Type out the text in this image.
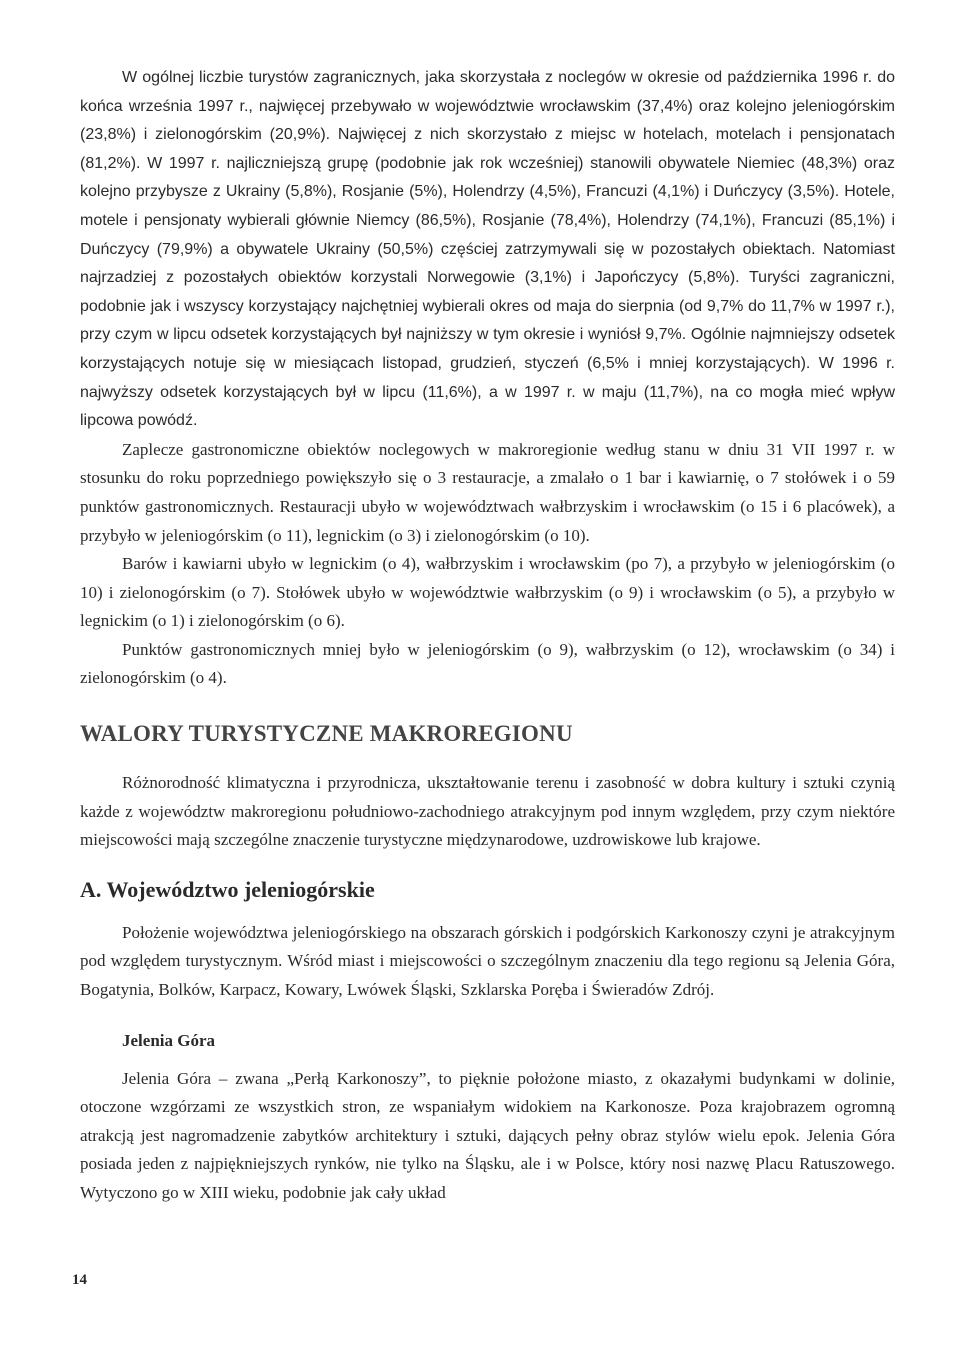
W ogólnej liczbie turystów zagranicznych, jaka skorzystała z noclegów w okresie od października 1996 r. do końca września 1997 r., najwięcej przebywało w województwie wrocławskim (37,4%) oraz kolejno jeleniogórskim (23,8%) i zielonogórskim (20,9%). Najwięcej z nich skorzystało z miejsc w hotelach, motelach i pensjonatach (81,2%). W 1997 r. najliczniejszą grupę (podobnie jak rok wcześniej) stanowili obywatele Niemiec (48,3%) oraz kolejno przybysze z Ukrainy (5,8%), Rosjanie (5%), Holendrzy (4,5%), Francuzi (4,1%) i Duńczycy (3,5%). Hotele, motele i pensjonaty wybierali głównie Niemcy (86,5%), Rosjanie (78,4%), Holendrzy (74,1%), Francuzi (85,1%) i Duńczycy (79,9%) a obywatele Ukrainy (50,5%) częściej zatrzymywali się w pozostałych obiektach. Natomiast najrzadziej z pozostałych obiektów korzystali Norwegowie (3,1%) i Japończycy (5,8%). Turyści zagraniczni, podobnie jak i wszyscy korzystający najchętniej wybierali okres od maja do sierpnia (od 9,7% do 11,7% w 1997 r.), przy czym w lipcu odsetek korzystających był najniższy w tym okresie i wyniósł 9,7%. Ogólnie najmniejszy odsetek korzystających notuje się w miesiącach listopad, grudzień, styczeń (6,5% i mniej korzystających). W 1996 r. najwyższy odsetek korzystających był w lipcu (11,6%), a w 1997 r. w maju (11,7%), na co mogła mieć wpływ lipcowa powódź.

Zaplecze gastronomiczne obiektów noclegowych w makroregionie według stanu w dniu 31 VII 1997 r. w stosunku do roku poprzedniego powiększyło się o 3 restauracje, a zmalało o 1 bar i kawiarnię, o 7 stołówek i o 59 punktów gastronomicznych. Restauracji ubyło w województwach wałbrzyskim i wrocławskim (o 15 i 6 placówek), a przybyło w jeleniogórskim (o 11), legnickim (o 3) i zielonogórskim (o 10).

Barów i kawiarni ubyło w legnickim (o 4), wałbrzyskim i wrocławskim (po 7), a przybyło w jeleniogórskim (o 10) i zielonogórskim (o 7). Stołówek ubyło w województwie wałbrzyskim (o 9) i wrocławskim (o 5), a przybyło w legnickim (o 1) i zielonogórskim (o 6).

Punktów gastronomicznych mniej było w jeleniogórskim (o 9), wałbrzyskim (o 12), wrocławskim (o 34) i zielonogórskim (o 4).

WALORY TURYSTYCZNE MAKROREGIONU

Różnorodność klimatyczna i przyrodnicza, ukształtowanie terenu i zasobność w dobra kultury i sztuki czynią każde z województw makroregionu południowo-zachodniego atrakcyjnym pod innym względem, przy czym niektóre miejscowości mają szczególne znaczenie turystyczne międzynarodowe, uzdrowiskowe lub krajowe.

A. Województwo jeleniogórskie

Położenie województwa jeleniogórskiego na obszarach górskich i podgórskich Karkonoszy czyni je atrakcyjnym pod względem turystycznym. Wśród miast i miejscowości o szczególnym znaczeniu dla tego regionu są Jelenia Góra, Bogatynia, Bolków, Karpacz, Kowary, Lwówek Śląski, Szklarska Poręba i Świeradów Zdrój.

Jelenia Góra

Jelenia Góra – zwana „Perłą Karkonoszy”, to pięknie położone miasto, z okazałymi budynkami w dolinie, otoczone wzgórzami ze wszystkich stron, ze wspaniałym widokiem na Karkonosze. Poza krajobrazem ogromną atrakcją jest nagromadzenie zabytków architektury i sztuki, dających pełny obraz stylów wielu epok. Jelenia Góra posiada jeden z najpiękniejszych rynków, nie tylko na Śląsku, ale i w Polsce, który nosi nazwę Placu Ratuszowego. Wytyczono go w XIII wieku, podobnie jak cały układ

14
